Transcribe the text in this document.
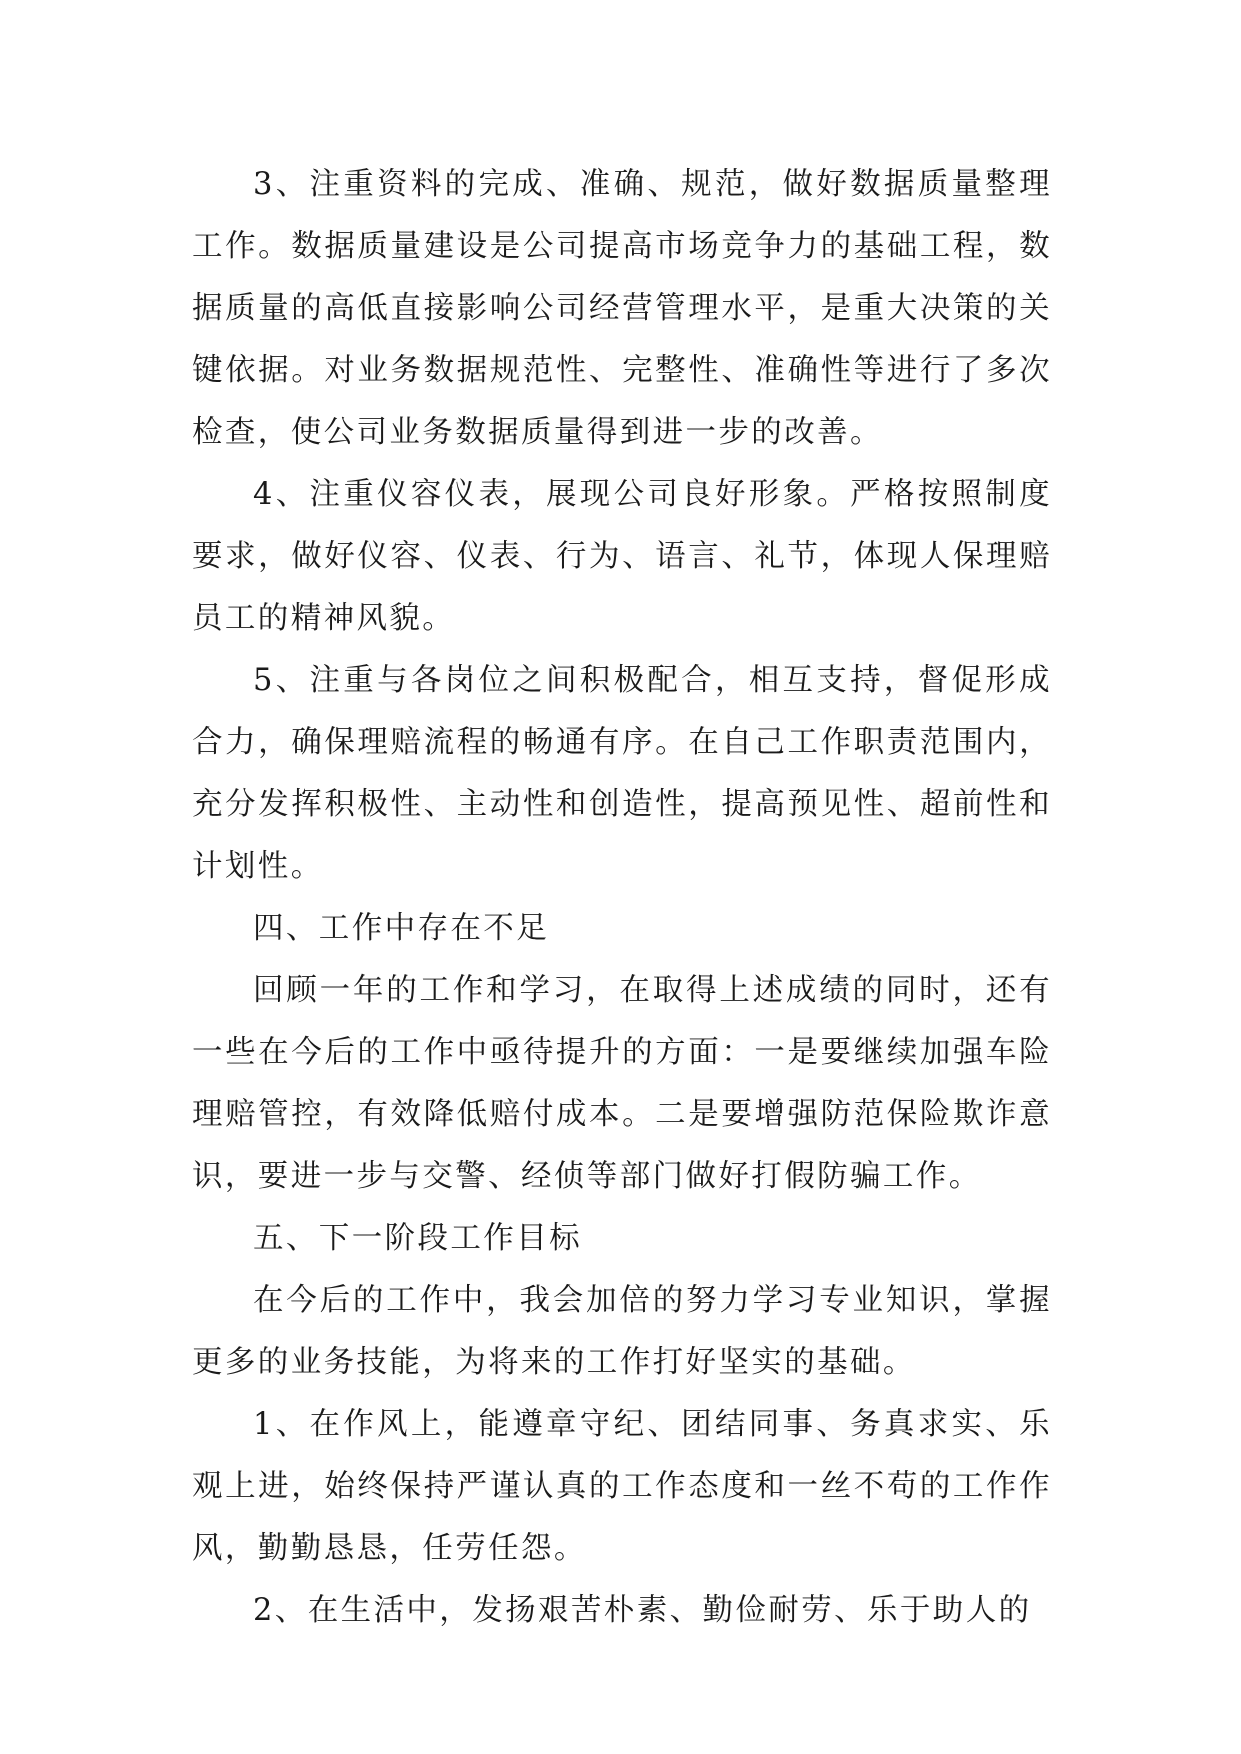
3、注重资料的完成、准确、规范，做好数据质量整理工作。数据质量建设是公司提高市场竞争力的基础工程，数据质量的高低直接影响公司经营管理水平，是重大决策的关键依据。对业务数据规范性、完整性、准确性等进行了多次检查，使公司业务数据质量得到进一步的改善。

4、注重仪容仪表，展现公司良好形象。严格按照制度要求，做好仪容、仪表、行为、语言、礼节，体现人保理赔员工的精神风貌。

5、注重与各岗位之间积极配合，相互支持，督促形成合力，确保理赔流程的畅通有序。在自己工作职责范围内，充分发挥积极性、主动性和创造性，提高预见性、超前性和计划性。

四、工作中存在不足

回顾一年的工作和学习，在取得上述成绩的同时，还有一些在今后的工作中亟待提升的方面：一是要继续加强车险理赔管控，有效降低赔付成本。二是要增强防范保险欺诈意识，要进一步与交警、经侦等部门做好打假防骗工作。

五、下一阶段工作目标

在今后的工作中，我会加倍的努力学习专业知识，掌握更多的业务技能，为将来的工作打好坚实的基础。

1、在作风上，能遵章守纪、团结同事、务真求实、乐观上进，始终保持严谨认真的工作态度和一丝不苟的工作作风，勤勤恳恳，任劳任怨。

2、在生活中，发扬艰苦朴素、勤俭耐劳、乐于助人的
